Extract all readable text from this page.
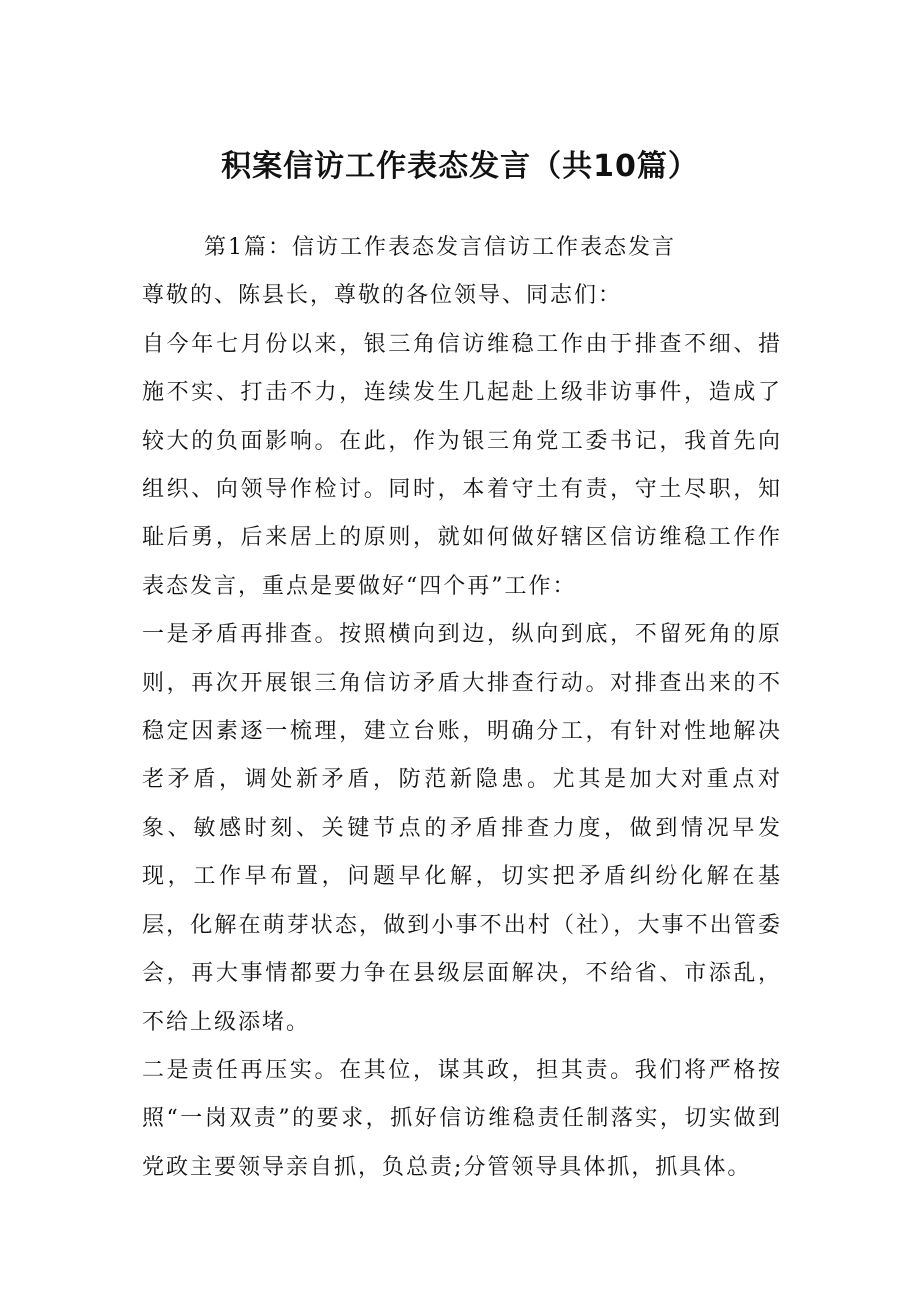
积案信访工作表态发言（共10篇）

第1篇：信访工作表态发言信访工作表态发言

尊敬的、陈县长，尊敬的各位领导、同志们：

自今年七月份以来，银三角信访维稳工作由于排查不细、措施不实、打击不力，连续发生几起赴上级非访事件，造成了较大的负面影响。在此，作为银三角党工委书记，我首先向组织、向领导作检讨。同时，本着守土有责，守土尽职，知耻后勇，后来居上的原则，就如何做好辖区信访维稳工作作表态发言，重点是要做好“四个再”工作：

一是矛盾再排查。按照横向到边，纵向到底，不留死角的原则，再次开展银三角信访矛盾大排查行动。对排查出来的不稳定因素逐一梳理，建立台账，明确分工，有针对性地解决老矛盾，调处新矛盾，防范新隐患。尤其是加大对重点对象、敏感时刻、关键节点的矛盾排查力度，做到情况早发现，工作早布置，问题早化解，切实把矛盾纠纷化解在基层，化解在萌芽状态，做到小事不出村（社），大事不出管委会，再大事情都要力争在县级层面解决，不给省、市添乱，不给上级添堵。

二是责任再压实。在其位，谋其政，担其责。我们将严格按照“一岗双责”的要求，抓好信访维稳责任制落实，切实做到党政主要领导亲自抓，负总责;分管领导具体抓，抓具体。
